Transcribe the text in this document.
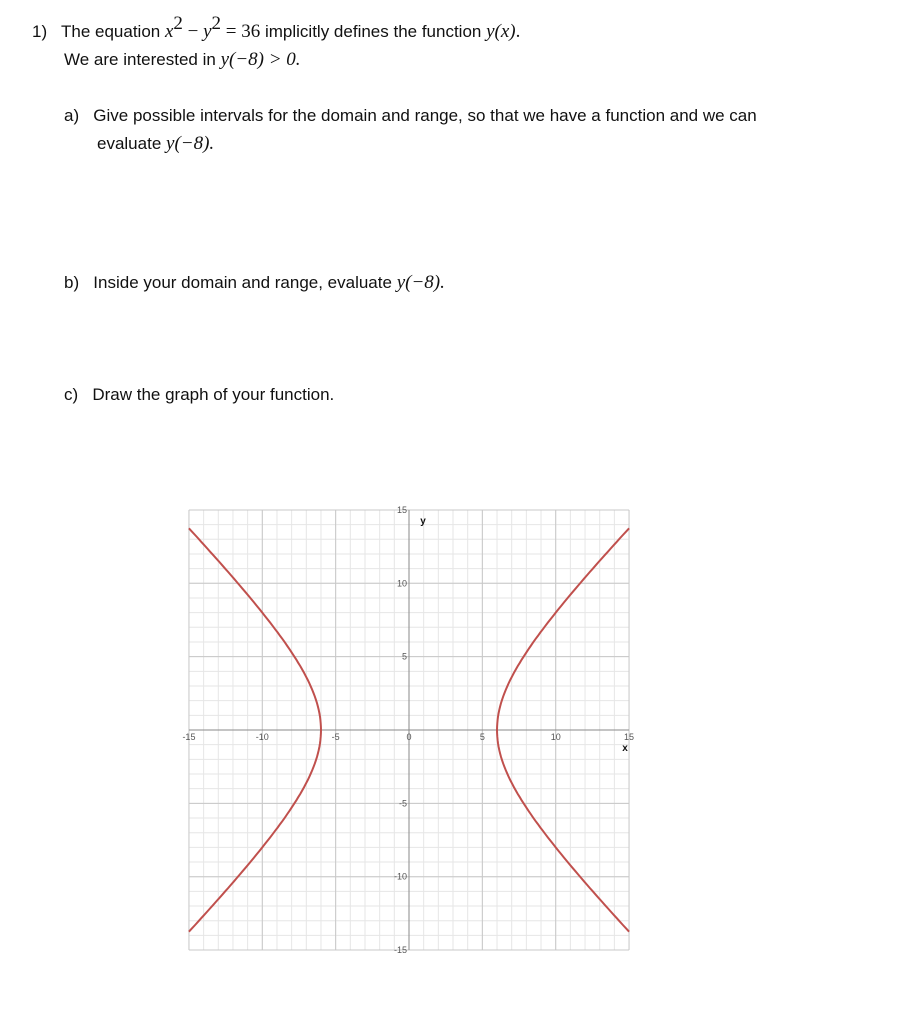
1) The equation $x^2 - y^2 = 36$ implicitly defines the function y(x).
We are interested in y(−8) > 0.
a) Give possible intervals for the domain and range, so that we have a function and we can
evaluate y(−8).
b) Inside your domain and range, evaluate y(−8).
c) Draw the graph of your function.
-15	-10	-5	0	5	10	15
15
10
5
-5
-10
-15
y
x
